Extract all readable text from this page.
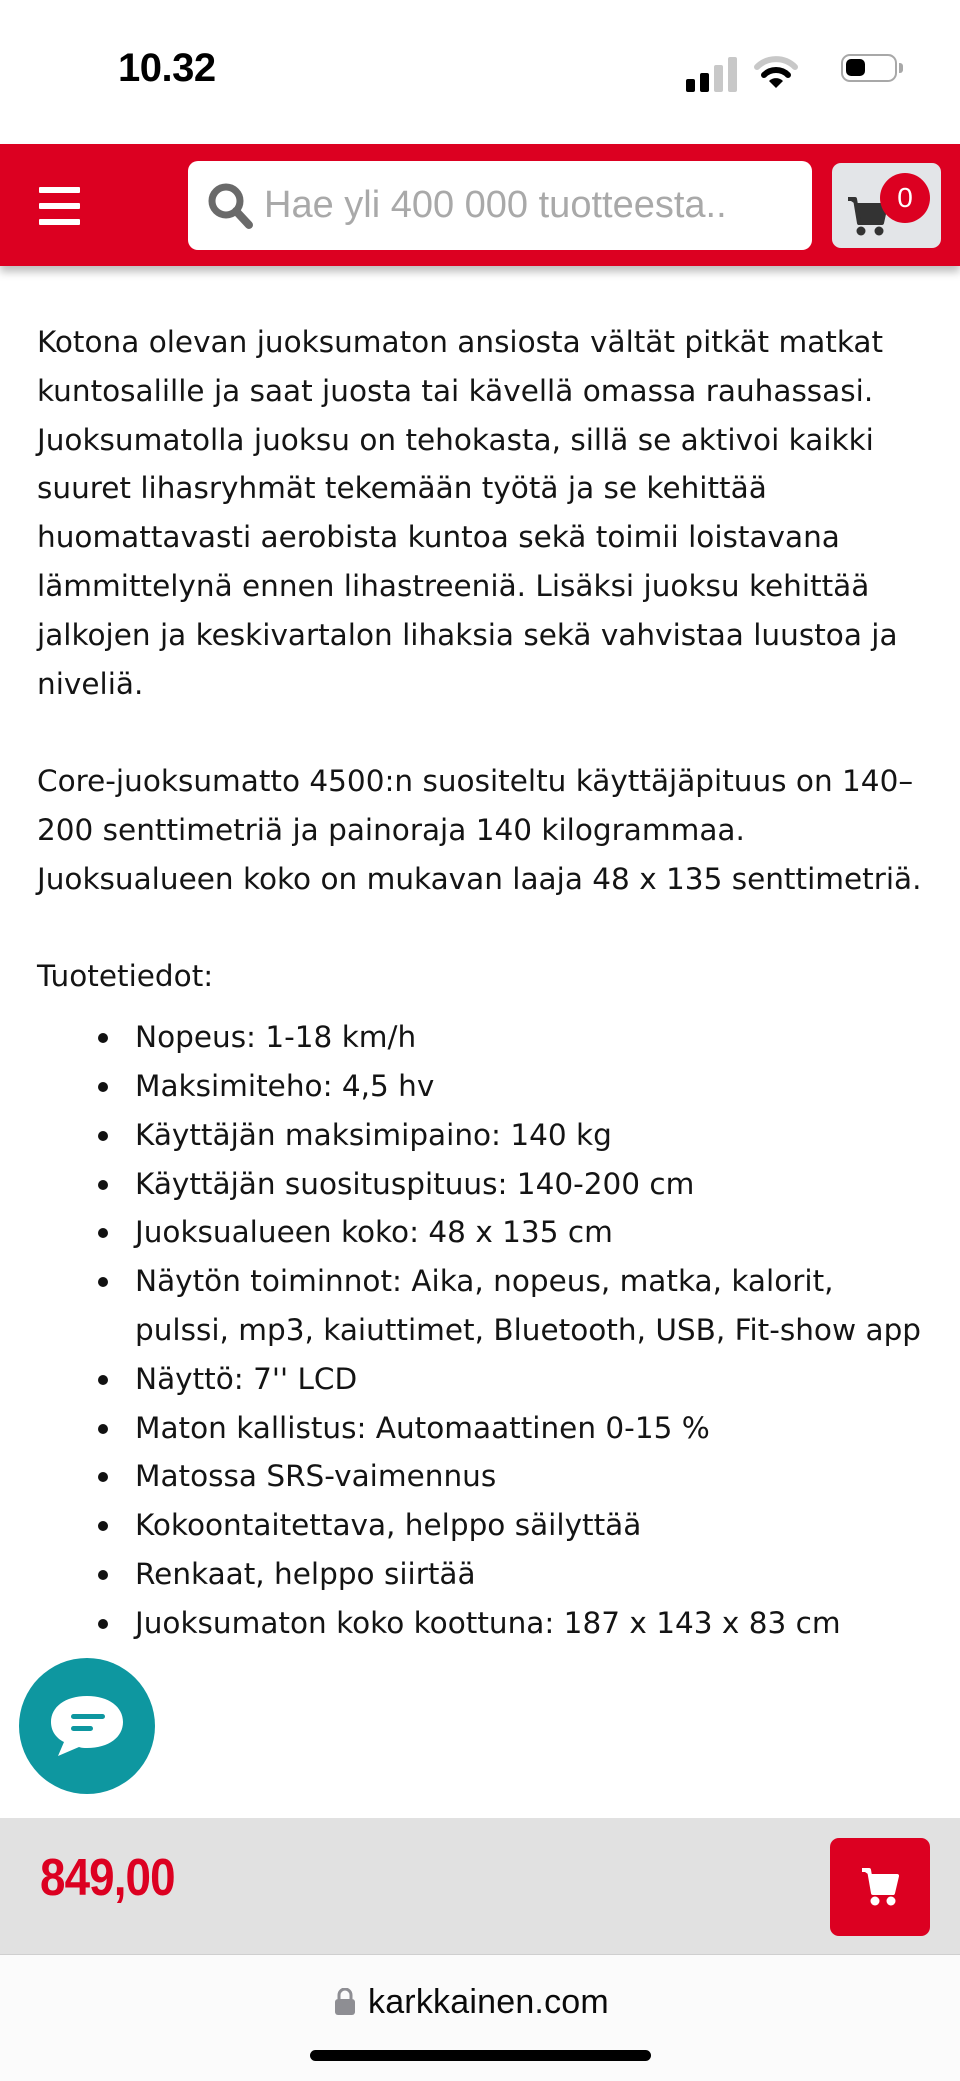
10.32
Hae yli 400 000 tuotteesta..
0

Kotona olevan juoksumaton ansiosta vältät pitkät matkat kuntosalille ja saat juosta tai kävellä omassa rauhassasi. Juoksumatolla juoksu on tehokasta, sillä se aktivoi kaikki suuret lihasryhmät tekemään työtä ja se kehittää huomattavasti aerobista kuntoa sekä toimii loistavana lämmittelynä ennen lihastreeniä. Lisäksi juoksu kehittää jalkojen ja keskivartalon lihaksia sekä vahvistaa luustoa ja niveliä.

Core-juoksumatto 4500:n suositeltu käyttäjäpituus on 140–200 senttimetriä ja painoraja 140 kilogrammaa. Juoksualueen koko on mukavan laaja 48 x 135 senttimetriä.

Tuotetiedot:

Nopeus: 1-18 km/h
Maksimiteho: 4,5 hv
Käyttäjän maksimipaino: 140 kg
Käyttäjän suosituspituus: 140-200 cm
Juoksualueen koko: 48 x 135 cm
Näytön toiminnot: Aika, nopeus, matka, kalorit, pulssi, mp3, kaiuttimet, Bluetooth, USB, Fit-show app
Näyttö: 7'' LCD
Maton kallistus: Automaattinen 0-15 %
Matossa SRS-vaimennus
Kokoontaitettava, helppo säilyttää
Renkaat, helppo siirtää
Juoksumaton koko koottuna: 187 x 143 x 83 cm
849,00
karkkainen.com
